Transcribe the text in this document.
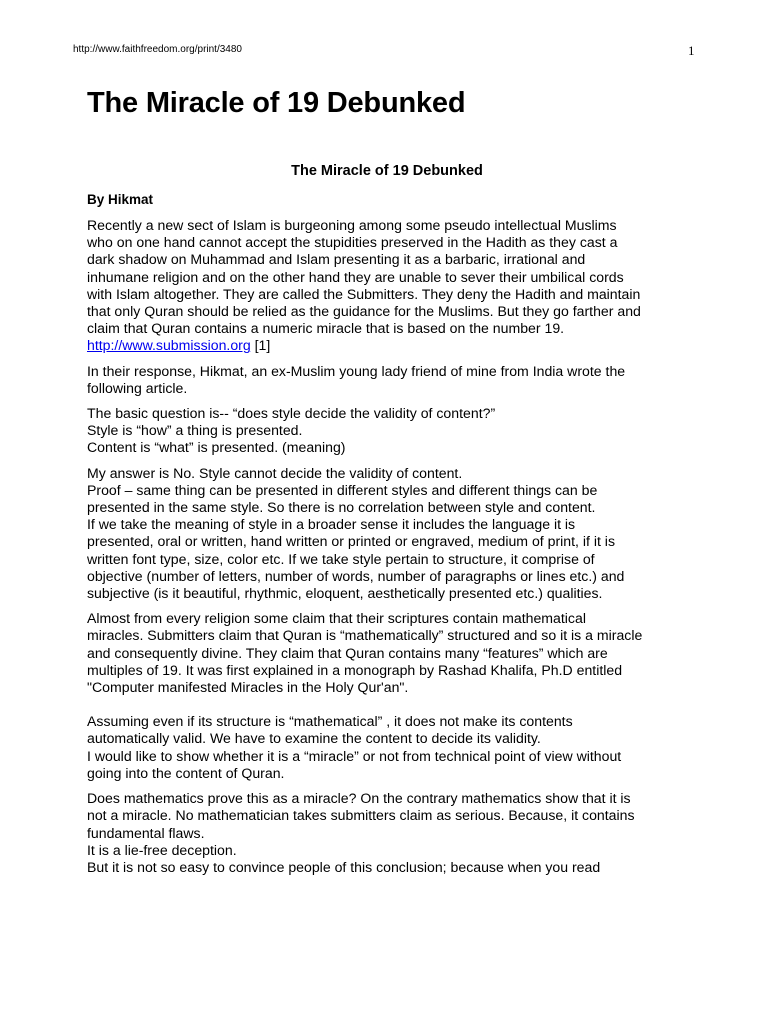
http://www.faithfreedom.org/print/3480	1
The Miracle of 19 Debunked
The Miracle of 19 Debunked
By Hikmat

Recently a new sect of Islam is burgeoning among some pseudo intellectual Muslims
who on one hand cannot accept the stupidities preserved in the Hadith as they cast a
dark shadow on Muhammad and Islam presenting it as a barbaric, irrational and
inhumane religion and on the other hand they are unable to sever their umbilical cords
with Islam altogether. They are called the Submitters. They deny the Hadith and maintain
that only Quran should be relied as the guidance for the Muslims. But they go farther and
claim that Quran contains a numeric miracle that is based on the number 19.
http://www.submission.org [1]

In their response, Hikmat, an ex-Muslim young lady friend of mine from India wrote the
following article.

The basic question is-- “does style decide the validity of content?”
Style is “how” a thing is presented.
Content is “what” is presented. (meaning)

My answer is No. Style cannot decide the validity of content.
Proof – same thing can be presented in different styles and different things can be
presented in the same style. So there is no correlation between style and content.
If we take the meaning of style in a broader sense it includes the language it is
presented, oral or written, hand written or printed or engraved, medium of print, if it is
written font type, size, color etc. If we take style pertain to structure, it comprise of
objective (number of letters, number of words, number of paragraphs or lines etc.) and
subjective (is it beautiful, rhythmic, eloquent, aesthetically presented etc.) qualities.

Almost from every religion some claim that their scriptures contain mathematical
miracles. Submitters claim that Quran is “mathematically” structured and so it is a miracle
and consequently divine. They claim that Quran contains many “features” which are
multiples of 19. It was first explained in a monograph by Rashad Khalifa, Ph.D entitled
"Computer manifested Miracles in the Holy Qur'an".

Assuming even if its structure is “mathematical” , it does not make its contents
automatically valid. We have to examine the content to decide its validity.
I would like to show whether it is a “miracle” or not from technical point of view without
going into the content of Quran.

Does mathematics prove this as a miracle? On the contrary mathematics show that it is
not a miracle. No mathematician takes submitters claim as serious. Because, it contains
fundamental flaws.
It is a lie-free deception.
But it is not so easy to convince people of this conclusion; because when you read
